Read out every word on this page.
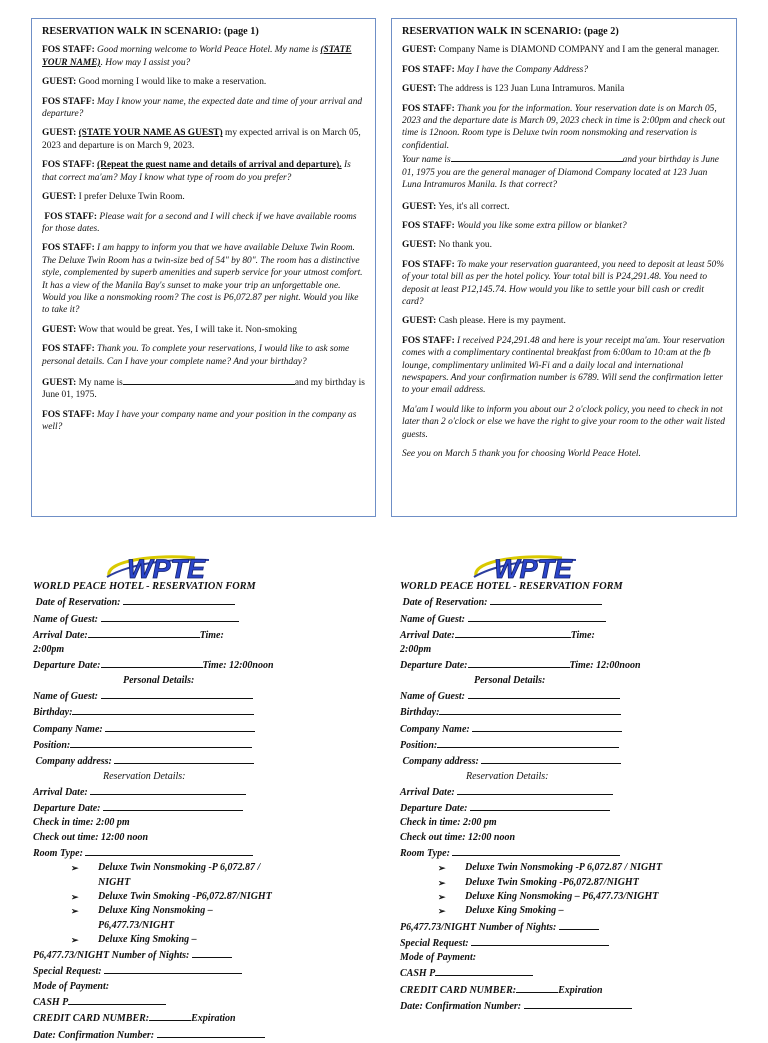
RESERVATION WALK IN SCENARIO: (page 1)

FOS STAFF: Good morning welcome to World Peace Hotel. My name is (STATE YOUR NAME). How may I assist you?

GUEST: Good morning I would like to make a reservation.

FOS STAFF: May I know your name, the expected date and time of your arrival and departure?

GUEST: (STATE YOUR NAME AS GUEST) my expected arrival is on March 05, 2023 and departure is on March 9, 2023.

FOS STAFF: (Repeat the guest name and details of arrival and departure). Is that correct ma'am? May I know what type of room do you prefer?

GUEST: I prefer Deluxe Twin Room.

FOS STAFF: Please wait for a second and I will check if we have available rooms for those dates.

FOS STAFF: I am happy to inform you that we have available Deluxe Twin Room. The Deluxe Twin Room has a twin-size bed of 54" by 80". The room has a distinctive style, complemented by superb amenities and superb service for your utmost comfort. It has a view of the Manila Bay's sunset to make your trip an unforgettable one. Would you like a nonsmoking room? The cost is P6,072.87 per night. Would you like to take it?

GUEST: Wow that would be great. Yes, I will take it. Non-smoking

FOS STAFF: Thank you. To complete your reservations, I would like to ask some personal details. Can I have your complete name? And your birthday?

GUEST: My name is	and my birthday is June 01, 1975.

FOS STAFF: May I have your company name and your position in the company as well?

RESERVATION WALK IN SCENARIO: (page 2)

GUEST: Company Name is DIAMOND COMPANY and I am the general manager.

FOS STAFF: May I have the Company Address?

GUEST: The address is 123 Juan Luna Intramuros. Manila

FOS STAFF: Thank you for the information. Your reservation date is on March 05, 2023 and the departure date is March 09, 2023 check in time is 2:00pm and check out time is 12noon. Room type is Deluxe twin room nonsmoking and reservation is confidential.
Your name is	and your birthday is June 01, 1975 you are the general manager of Diamond Company located at 123 Juan Luna Intramuros Manila. Is that correct?

GUEST: Yes, it's all correct.

FOS STAFF: Would you like some extra pillow or blanket?

GUEST: No thank you.

FOS STAFF: To make your reservation guaranteed, you need to deposit at least 50% of your total bill as per the hotel policy. Your total bill is P24,291.48. You need to deposit at least P12,145.74. How would you like to settle your bill cash or credit card?

GUEST: Cash please. Here is my payment.

FOS STAFF: I received P24,291.48 and here is your receipt ma'am. Your reservation comes with a complimentary continental breakfast from 6:00am to 10:am at the fb lounge, complimentary unlimited Wi-Fi and a daily local and international newspapers. And your confirmation number is 6789. Will send the confirmation letter to your email address.

Ma'am I would like to inform you about our 2 o'clock policy, you need to check in not later than 2 o'clock or else we have the right to give your room to the other wait listed guests.

See you on March 5 thank you for choosing World Peace Hotel.

WPTE
WORLD PEACE HOTEL - RESERVATION FORM
Date of Reservation:
Name of Guest:
Arrival Date:	Time:
2:00pm
Departure Date:	Time: 12:00noon
Personal Details:
Name of Guest:
Birthday:
Company Name:
Position:
Company address:
Reservation Details:
Arrival Date:
Departure Date:
Check in time: 2:00 pm
Check out time: 12:00 noon
Room Type:
➢ Deluxe Twin Nonsmoking -P 6,072.87 /
NIGHT
➢ Deluxe Twin Smoking -P6,072.87/NIGHT
➢ Deluxe King Nonsmoking –
P6,477.73/NIGHT
➢ Deluxe King Smoking –
P6,477.73/NIGHT Number of Nights:
Special Request:
Mode of Payment:
CASH P
CREDIT CARD NUMBER:	Expiration
Date: Confirmation Number:
WPTE
WORLD PEACE HOTEL - RESERVATION FORM
Date of Reservation:
Name of Guest:
Arrival Date:	Time:
2:00pm
Departure Date:	Time: 12:00noon
Personal Details:
Name of Guest:
Birthday:
Company Name:
Position:
Company address:
Reservation Details:
Arrival Date:
Departure Date:
Check in time: 2:00 pm
Check out time: 12:00 noon
Room Type:
➢ Deluxe Twin Nonsmoking -P 6,072.87 / NIGHT
➢ Deluxe Twin Smoking -P6,072.87/NIGHT
➢ Deluxe King Nonsmoking – P6,477.73/NIGHT
➢ Deluxe King Smoking –
P6,477.73/NIGHT Number of Nights:
Special Request:
Mode of Payment:
CASH P
CREDIT CARD NUMBER:	Expiration
Date: Confirmation Number:
